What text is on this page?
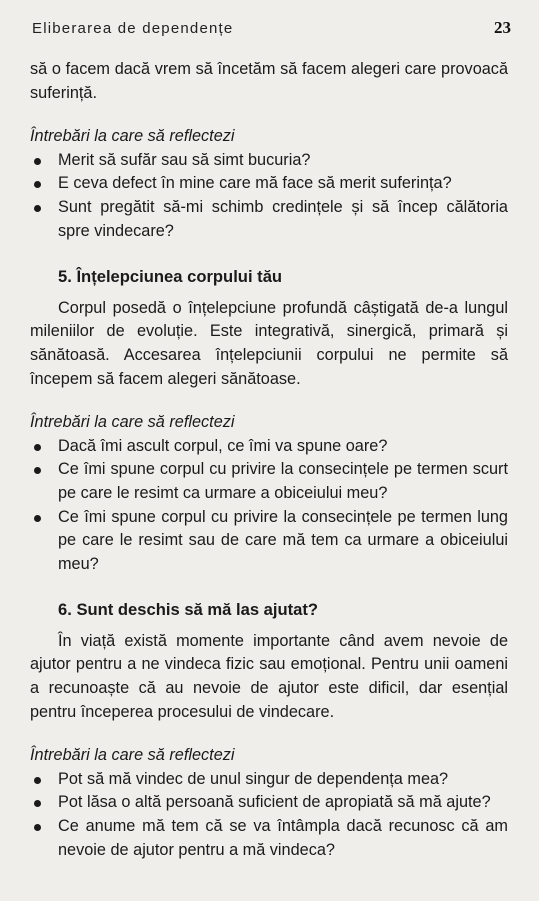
Eliberarea de dependențe	23

să o facem dacă vrem să încetăm să facem alegeri care provoacă suferință.

Întrebări la care să reflectezi

Merit să sufăr sau să simt bucuria?
E ceva defect în mine care mă face să merit suferința?
Sunt pregătit să-mi schimb credințele și să încep călătoria spre vindecare?
5. Înțelepciunea corpului tău

Corpul posedă o înțelepciune profundă câștigată de-a lungul mileniilor de evoluție. Este integrativă, sinergică, primară și sănătoasă. Accesarea înțelepciunii corpului ne permite să începem să facem alegeri sănătoase.

Întrebări la care să reflectezi

Dacă îmi ascult corpul, ce îmi va spune oare?
Ce îmi spune corpul cu privire la consecințele pe termen scurt pe care le resimt ca urmare a obiceiului meu?
Ce îmi spune corpul cu privire la consecințele pe termen lung pe care le resimt sau de care mă tem ca urmare a obiceiului meu?
6. Sunt deschis să mă las ajutat?

În viață există momente importante când avem nevoie de ajutor pentru a ne vindeca fizic sau emoțional. Pentru unii oameni a recunoaște că au nevoie de ajutor este dificil, dar esențial pentru începerea procesului de vindecare.

Întrebări la care să reflectezi

Pot să mă vindec de unul singur de dependența mea?
Pot lăsa o altă persoană suficient de apropiată să mă ajute?
Ce anume mă tem că se va întâmpla dacă recunosc că am nevoie de ajutor pentru a mă vindeca?
